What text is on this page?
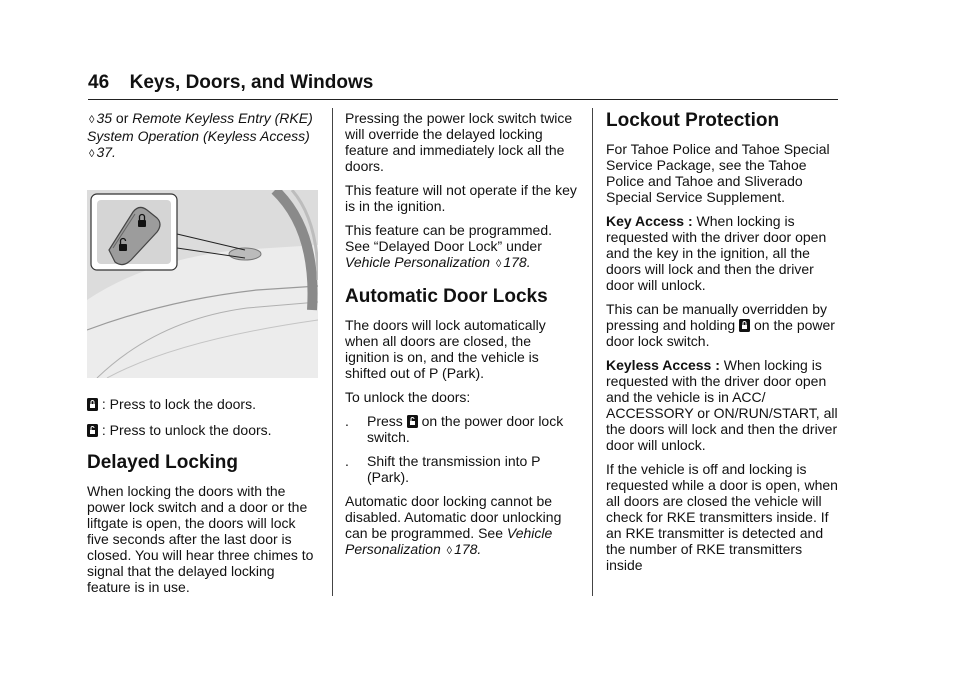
46 Keys, Doors, and Windows

◊ 35 or Remote Keyless Entry (RKE) System Operation (Keyless Access) ◊ 37.

: Press to lock the doors.

: Press to unlock the doors.

Delayed Locking

When locking the doors with the power lock switch and a door or the liftgate is open, the doors will lock five seconds after the last door is closed. You will hear three chimes to signal that the delayed locking feature is in use.

Pressing the power lock switch twice will override the delayed locking feature and immediately lock all the doors.

This feature will not operate if the key is in the ignition.

This feature can be programmed. See “Delayed Door Lock” under Vehicle Personalization ◊ 178.

Automatic Door Locks

The doors will lock automatically when all doors are closed, the ignition is on, and the vehicle is shifted out of P (Park).

To unlock the doors:

.	Press  on the power door lock switch.
.	Shift the transmission into P (Park).

Automatic door locking cannot be disabled. Automatic door unlocking can be programmed. See Vehicle Personalization ◊ 178.

Lockout Protection

For Tahoe Police and Tahoe Special Service Package, see the Tahoe Police and Tahoe and Sliverado Special Service Supplement.

Key Access : When locking is requested with the driver door open and the key in the ignition, all the doors will lock and then the driver door will unlock.

This can be manually overridden by pressing and holding  on the power door lock switch.

Keyless Access : When locking is requested with the driver door open and the vehicle is in ACC/ ACCESSORY or ON/RUN/START, all the doors will lock and then the driver door will unlock.

If the vehicle is off and locking is requested while a door is open, when all doors are closed the vehicle will check for RKE transmitters inside. If an RKE transmitter is detected and the number of RKE transmitters inside
